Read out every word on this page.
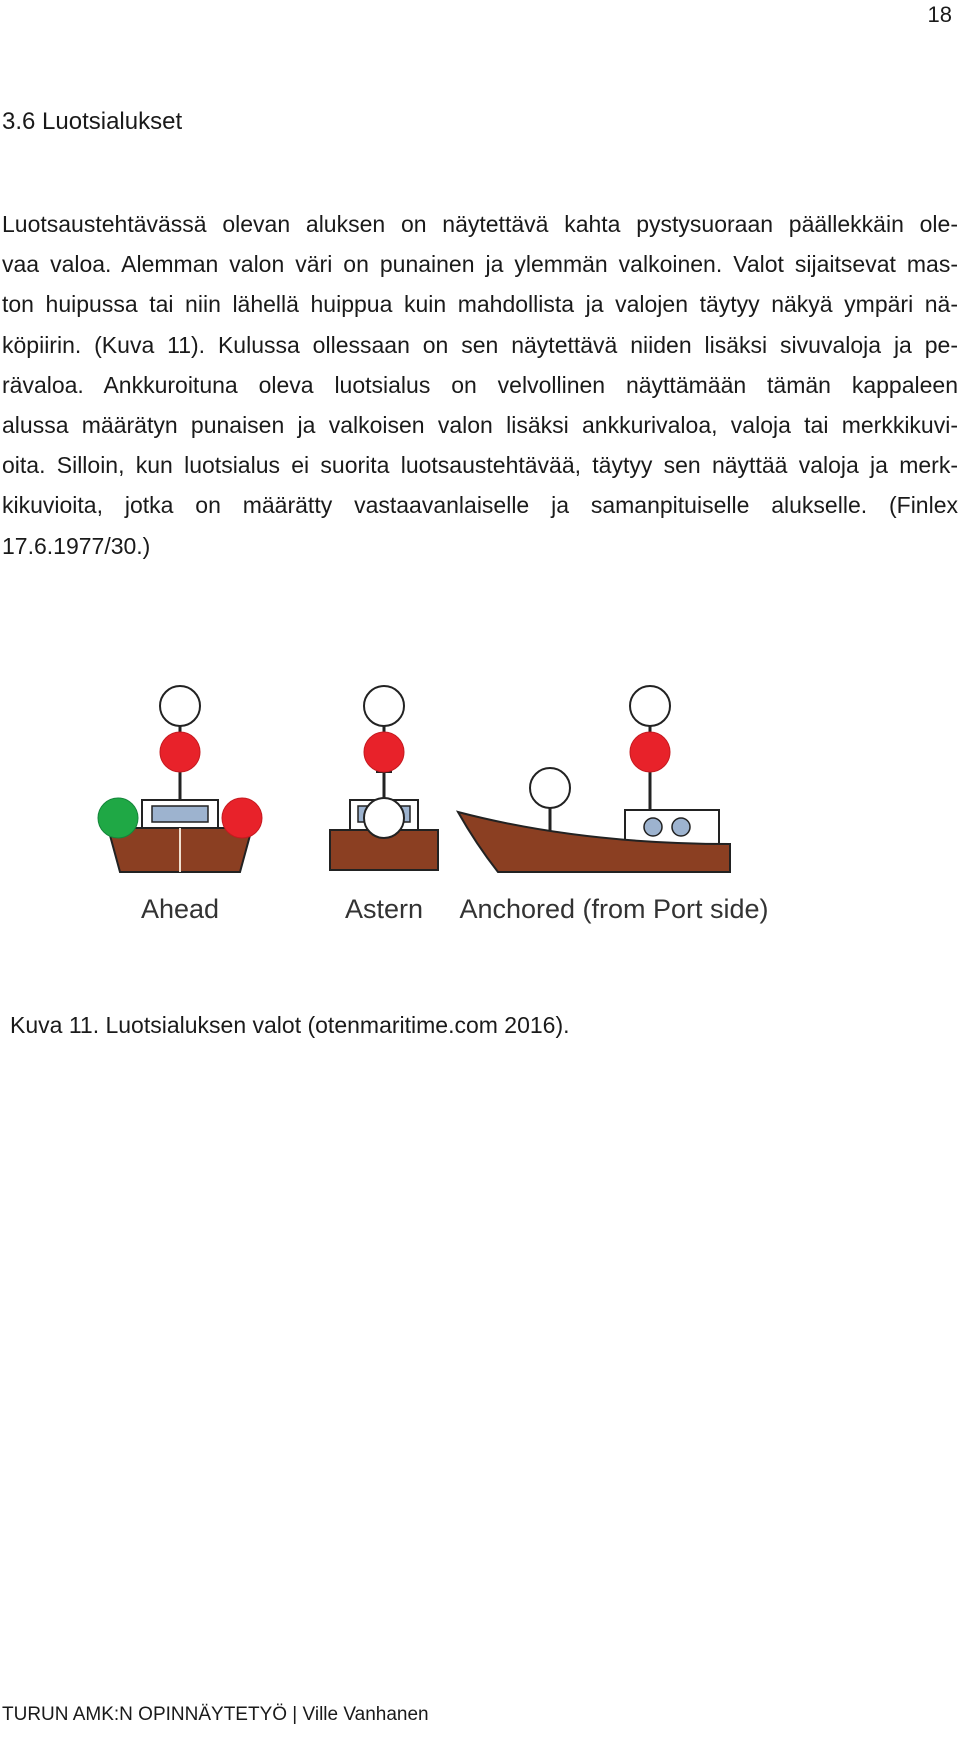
18
3.6 Luotsialukset

Luotsaustehtävässä olevan aluksen on näytettävä kahta pystysuoraan päällekkäin ole-
vaa valoa. Alemman valon väri on punainen ja ylemmän valkoinen. Valot sijaitsevat mas-
ton huipussa tai niin lähellä huippua kuin mahdollista ja valojen täytyy näkyä ympäri nä-
köpiirin. (Kuva 11). Kulussa ollessaan on sen näytettävä niiden lisäksi sivuvaloja ja pe-
rävaloa. Ankkuroituna oleva luotsialus on velvollinen näyttämään tämän kappaleen
alussa määrätyn punaisen ja valkoisen valon lisäksi ankkurivaloa, valoja tai merkkikuvi-
oita. Silloin, kun luotsialus ei suorita luotsaustehtävää, täytyy sen näyttää valoja ja merk-
kikuvioita, jotka on määrätty vastaavanlaiselle ja samanpituiselle alukselle. (Finlex
17.6.1977/30.)

Ahead	Astern Anchored (from Port side)

Kuva 11. Luotsialuksen valot (otenmaritime.com 2016).

TURUN AMK:N OPINNÄYTETYÖ | Ville Vanhanen
